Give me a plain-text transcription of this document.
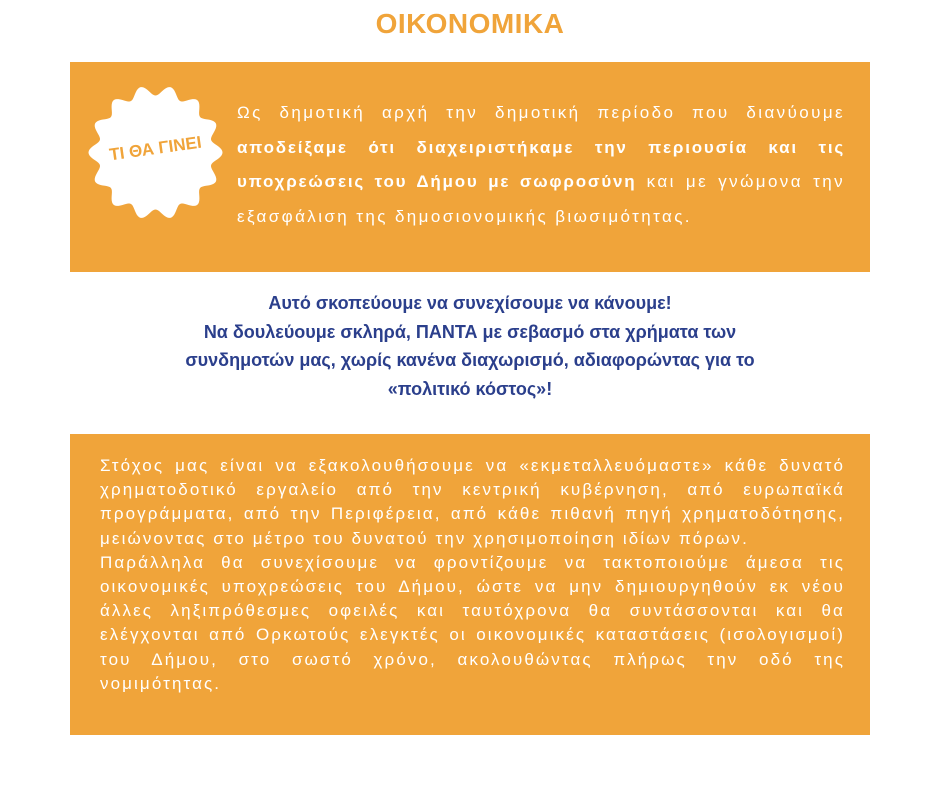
ΟΙΚΟΝΟΜΙΚΑ
ΤΙ ΘΑ ΓΙΝΕΙ
Ως δημοτική αρχή την δημοτική περίοδο που διανύουμε αποδείξαμε ότι διαχειριστήκαμε την περιουσία και τις υποχρεώσεις του Δήμου με σωφροσύνη και με γνώμονα την εξασφάλιση της δημοσιονομικής βιωσιμότητας.
Αυτό σκοπεύουμε να συνεχίσουμε να κάνουμε!
Να δουλεύουμε σκληρά, ΠΑΝΤΑ με σεβασμό στα χρήματα των
συνδημοτών μας, χωρίς κανένα διαχωρισμό, αδιαφορώντας για το
«πολιτικό κόστος»!

Στόχος μας είναι να εξακολουθήσουμε να «εκμεταλλευόμαστε» κάθε δυνατό χρηματοδοτικό εργαλείο από την κεντρική κυβέρνηση, από ευρωπαϊκά προγράμματα, από την Περιφέρεια, από κάθε πιθανή πηγή χρηματοδότησης, μειώνοντας στο μέτρο του δυνατού την χρησιμοποίηση ιδίων πόρων.

Παράλληλα θα συνεχίσουμε να φροντίζουμε να τακτοποιούμε άμεσα τις οικονομικές υποχρεώσεις του Δήμου, ώστε να μην δημιουργηθούν εκ νέου άλλες ληξιπρόθεσμες οφειλές και ταυτόχρονα θα συντάσσονται και θα ελέγχονται από Ορκωτούς ελεγκτές οι οικονομικές καταστάσεις (ισολογισμοί) του Δήμου, στο σωστό χρόνο, ακολουθώντας πλήρως την οδό της νομιμότητας.
